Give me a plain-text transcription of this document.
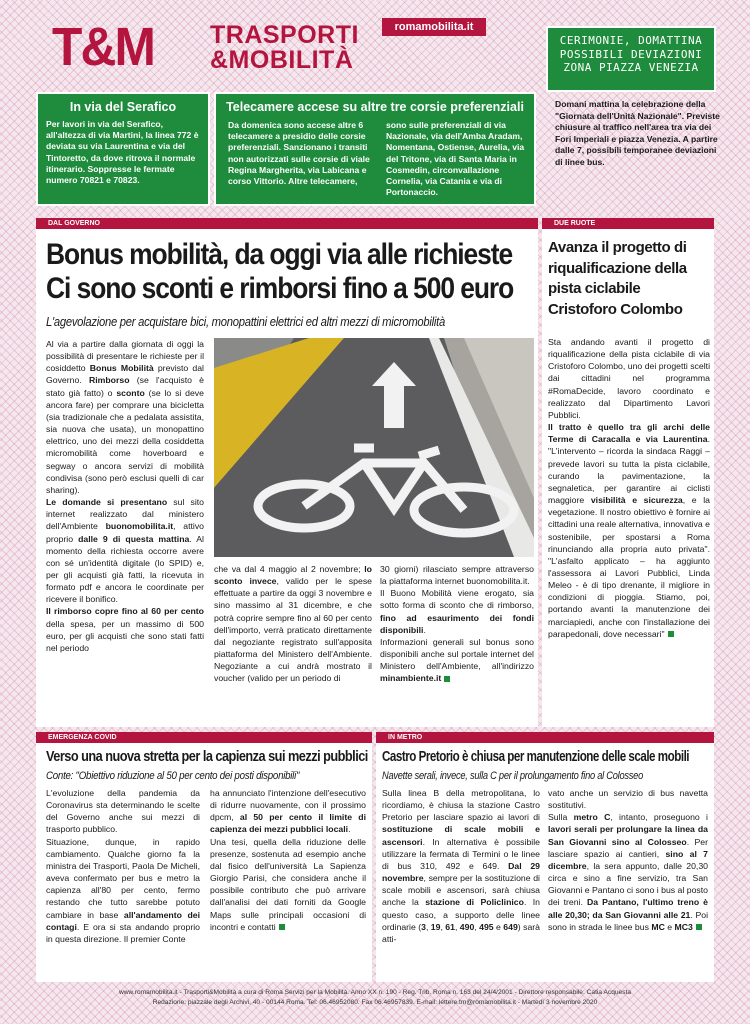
T&M TRASPORTI
&MOBILITÀ
romamobilita.it
In via del Serafico
Per lavori in via del Serafico, all'altezza di via Martini, la linea 772 è deviata su via Laurentina e via del Tintoretto, da dove ritrova il normale itinerario. Soppresse le fermate numero 70821 e 70823.
Telecamere accese su altre tre corsie preferenziali
Da domenica sono accese altre 6 telecamere a presidio delle corsie preferenziali. Sanzionano i transiti non autorizzati sulle corsie di viale Regina Margherita, via Labicana e corso Vittorio. Altre telecamere,
sono sulle preferenziali di via Nazionale, via dell'Amba Aradam, Nomentana, Ostiense, Aurelia, via del Tritone, via di Santa Maria in Cosmedin, circonvallazione Cornelia, via Catania e via di Portonaccio.
CERIMONIE, DOMATTINA
POSSIBILI DEVIAZIONI
ZONA PIAZZA VENEZIA
Domani mattina la celebrazione della "Giornata dell'Unità Nazionale". Previste chiusure al traffico nell'area tra via dei Fori Imperiali e piazza Venezia. A partire dalle 7, possibili temporanee deviazioni di linee bus.
DAL GOVERNO
Bonus mobilità, da oggi via alle richieste
Ci sono sconti e rimborsi fino a 500 euro
L'agevolazione per acquistare bici, monopattini elettrici ed altri mezzi di micromobilità
Al via a partire dalla giornata di oggi la possibilità di presentare le richieste per il cosiddetto Bonus Mobilità previsto dal Governo. Rimborso (se l'acquisto è stato già fatto) o sconto (se lo si deve ancora fare) per comprare una bicicletta (sia tradizionale che a pedalata assistita, sia nuova che usata), un monopattino elettrico, uno dei mezzi della cosiddetta micromobilità come hoverboard e segway o ancora servizi di mobilità condivisa (sono però esclusi quelli di car sharing).
Le domande si presentano sul sito internet realizzato dal ministero dell'Ambiente buonomobilita.it, attivo proprio dalle 9 di questa mattina. Al momento della richiesta occorre avere con sé un'identità digitale (lo SPID) e, per gli acquisti già fatti, la ricevuta in formato pdf e ancora le coordinate per ricevere il bonifico.
Il rimborso copre fino al 60 per cento della spesa, per un massimo di 500 euro, per gli acquisti che sono stati fatti nel periodo
che va dal 4 maggio al 2 novembre; lo sconto invece, valido per le spese effettuate a partire da oggi 3 novembre e sino massimo al 31 dicembre, e che potrà coprire sempre fino al 60 per cento dell'importo, verrà praticato direttamente dal negoziante registrato sull'apposita piattaforma del Ministero dell'Ambiente. Negoziante a cui andrà mostrato il voucher (valido per un periodo di
30 giorni) rilasciato sempre attraverso la piattaforma internet buonomobilita.it.
Il Buono Mobilità viene erogato, sia sotto forma di sconto che di rimborso, fino ad esaurimento dei fondi disponibili.
Informazioni generali sul bonus sono disponibili anche sul portale internet del Ministero dell'Ambiente, all'indirizzo minambiente.it
DUE RUOTE
Avanza il progetto di riqualificazione della pista ciclabile Cristoforo Colombo
Sta andando avanti il progetto di riqualificazione della pista ciclabile di via Cristoforo Colombo, uno dei progetti scelti dai cittadini nel programma #RomaDecide, lavoro coordinato e realizzato dal Dipartimento Lavori Pubblici.
Il tratto è quello tra gli archi delle Terme di Caracalla e via Laurentina. "L'intervento – ricorda la sindaca Raggi – prevede lavori su tutta la pista ciclabile, curando la pavimentazione, la segnaletica, per garantire ai ciclisti maggiore visibilità e sicurezza, e la vegetazione. Il nostro obiettivo è fornire ai cittadini una reale alternativa, innovativa e sostenibile, per spostarsi a Roma rinunciando alla propria auto privata". "L'asfalto applicato – ha aggiunto l'assessora ai Lavori Pubblici, Linda Meleo - è di tipo drenante, il migliore in condizioni di pioggia. Stiamo, poi, portando avanti la manutenzione dei marciapiedi, anche con l'installazione dei parapedonali, dove necessari"
EMERGENZA COVID
Verso una nuova stretta per la capienza sui mezzi pubblici
Conte: "Obiettivo riduzione al 50 per cento dei posti disponibili"
L'evoluzione della pandemia da Coronavirus sta determinando le scelte del Governo anche sui mezzi di trasporto pubblico.
Situazione, dunque, in rapido cambiamento. Qualche giorno fa la ministra dei Trasporti, Paola De Micheli, aveva confermato per bus e metro la capienza all'80 per cento, fermo restando che tutto sarebbe potuto cambiare in base all'andamento dei contagi. E ora si sta andando proprio in questa direzione. Il premier Conte
ha annunciato l'intenzione dell'esecutivo di ridurre nuovamente, con il prossimo dpcm, al 50 per cento il limite di capienza dei mezzi pubblici locali.
Una tesi, quella della riduzione delle presenze, sostenuta ad esempio anche dal fisico dell'università La Sapienza Giorgio Parisi, che considera anche il possibile contributo che può arrivare dall'analisi dei dati forniti da Google Maps sulle principali occasioni di incontri e contatti
IN METRO
Castro Pretorio è chiusa per manutenzione delle scale mobili
Navette serali, invece, sulla C per il prolungamento fino al Colosseo
Sulla linea B della metropolitana, lo ricordiamo, è chiusa la stazione Castro Pretorio per lasciare spazio ai lavori di sostituzione di scale mobili e ascensori. In alternativa è possibile utilizzare la fermata di Termini o le linee di bus 310, 492 e 649. Dal 29 novembre, sempre per la sostituzione di scale mobili e ascensori, sarà chiusa anche la stazione di Policlinico. In questo caso, a supporto delle linee ordinarie (3, 19, 61, 490, 495 e 649) sarà atti-
vato anche un servizio di bus navetta sostitutivi.
Sulla metro C, intanto, proseguono i lavori serali per prolungare la linea da San Giovanni sino al Colosseo. Per lasciare spazio ai cantieri, sino al 7 dicembre, la sera appunto, dalle 20,30 circa e sino a fine servizio, tra San Giovanni e Pantano ci sono i bus al posto dei treni. Da Pantano, l'ultimo treno è alle 20,30; da San Giovanni alle 21. Poi sono in strada le linee bus MC e MC3
www.romamobilita.it - Trasporti&Mobilità a cura di Roma Servizi per la Mobilità. Anno XX n. 190 - Reg. Trib. Roma n. 163 del 24/4/2001 - Direttore responsabile: Catia Acquesta
Redazione: piazzale degli Archivi, 40 - 00144 Roma. Tel: 06.46952080. Fax 06.46957839. E-mail: lettere.tm@romamobilita.it - Martedì 3 novembre 2020
